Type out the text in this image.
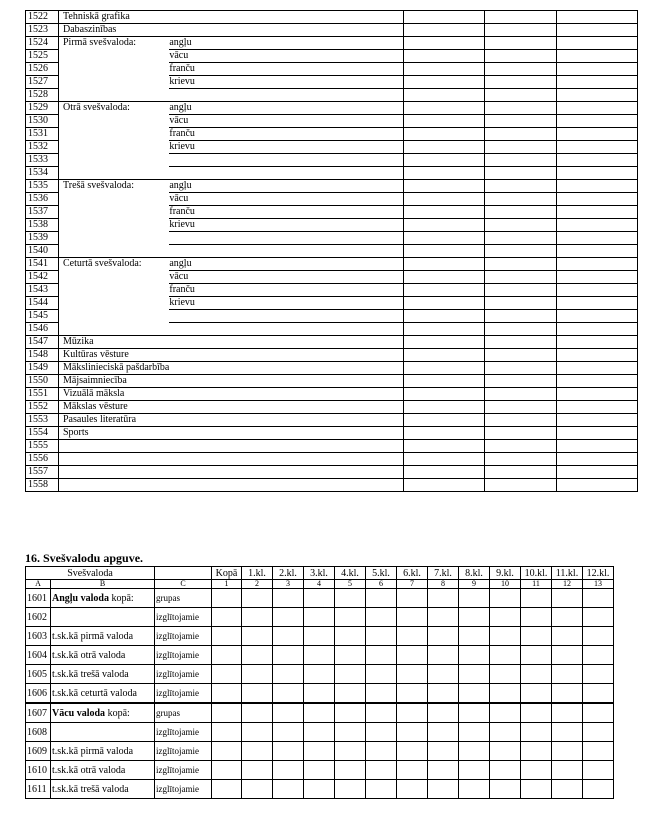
1522	Tehniskā grafika				
1523	Dabaszinības				
1524	Pirmā svešvaloda:	angļu			
1525		vācu			
1526		franču			
1527		krievu			
1528					
1529	Otrā svešvaloda:	angļu			
1530		vācu			
1531		franču			
1532		krievu			
1533					
1534					
1535	Trešā svešvaloda:	angļu			
1536		vācu			
1537		franču			
1538		krievu			
1539					
1540					
1541	Ceturtā svešvaloda:	angļu			
1542		vācu			
1543		franču			
1544		krievu			
1545					
1546					
1547	Mūzika				
1548	Kultūras vēsture				
1549	Mākslinieciskā pašdarbība				
1550	Mājsaimniecība				
1551	Vizuālā māksla				
1552	Mākslas vēsture				
1553	Pasaules literatūra				
1554	Sports				
1555					
1556					
1557					
1558					
16. Svešvalodu apguve.
Svešvaloda			Kopā	1.kl.	2.kl.	3.kl.	4.kl.	5.kl.	6.kl.	7.kl.	8.kl.	9.kl.	10.kl.	11.kl.	12.kl.
A	B	C	1	2	3	4	5	6	7	8	9	10	11	12	13
1601	Angļu valoda kopā:	grupas													
1602		izglītojamie													
1603	t.sk.kā pirmā valoda	izglītojamie													
1604	t.sk.kā otrā valoda	izglītojamie													
1605	t.sk.kā trešā valoda	izglītojamie													
1606	t.sk.kā ceturtā valoda	izglītojamie													
1607	Vācu valoda kopā:	grupas													
1608		izglītojamie													
1609	t.sk.kā pirmā valoda	izglītojamie													
1610	t.sk.kā otrā valoda	izglītojamie													
1611	t.sk.kā trešā valoda	izglītojamie													
